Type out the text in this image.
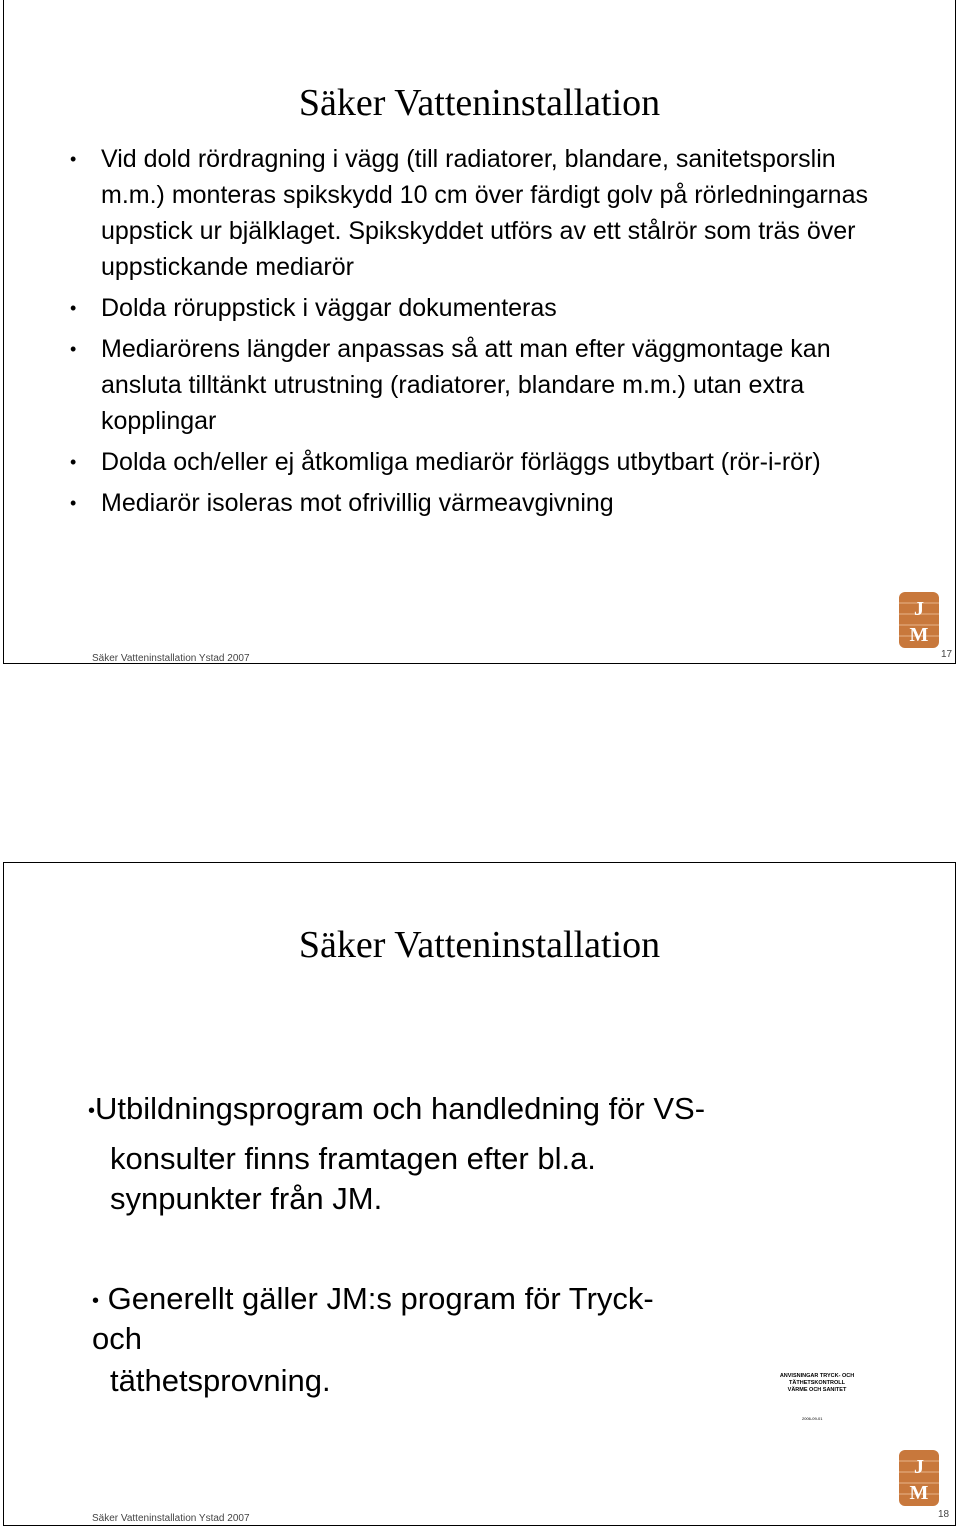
Säker Vatteninstallation
• Vid dold rördragning i vägg (till radiatorer, blandare, sanitetsporslin m.m.) monteras spikskydd 10 cm över färdigt golv på rörledningarnas uppstick ur bjälklaget. Spikskyddet utförs av ett stålrör som träs över uppstickande mediarör
• Dolda röruppstick i väggar dokumenteras
• Mediarörens längder anpassas så att man efter väggmontage kan ansluta tilltänkt utrustning (radiatorer, blandare m.m.) utan extra kopplingar
• Dolda och/eller ej åtkomliga mediarör förläggs utbytbart (rör-i-rör)
• Mediarör isoleras mot ofrivillig värmeavgivning
Säker Vatteninstallation Ystad 2007	17
J
M
Säker Vatteninstallation
•Utbildningsprogram och handledning för VS-
konsulter finns framtagen efter bl.a.
synpunkter från JM.
• Generellt gäller JM:s program för Tryck-
och
täthetsprovning.	ANVISNINGAR TRYCK- OCH
TÄTHETSKONTROLL
VÄRME OCH SANITET
2006-09-01
Säker Vatteninstallation Ystad 2007	18
J
M
